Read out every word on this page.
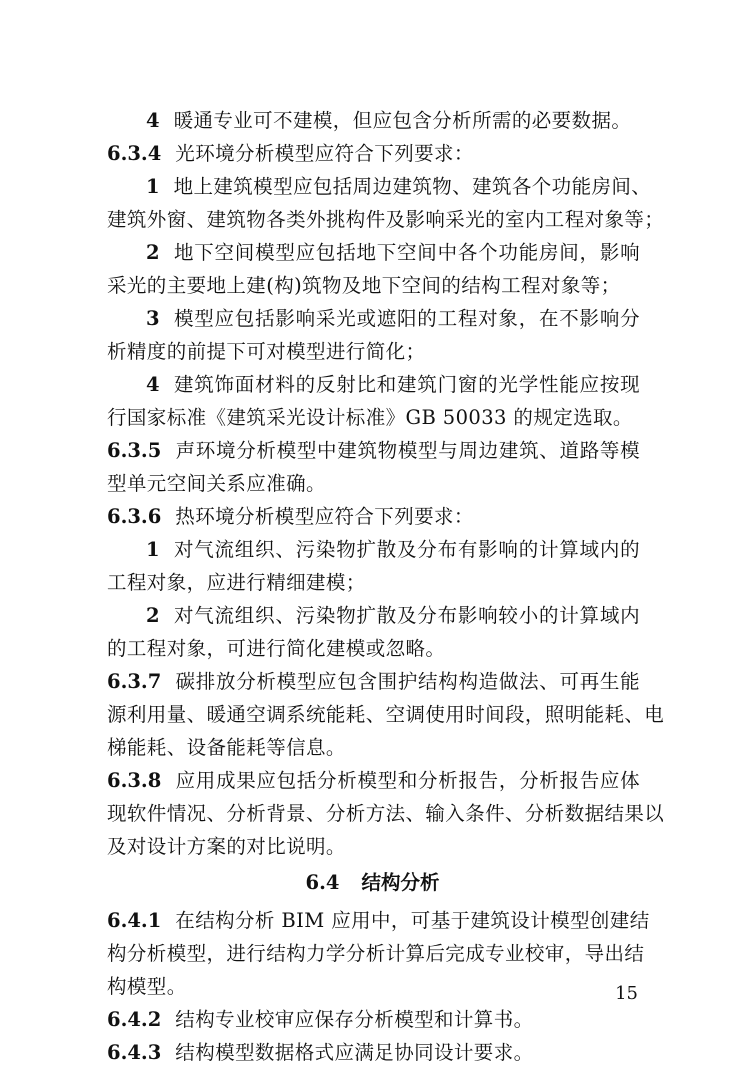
4 暖通专业可不建模，但应包含分析所需的必要数据。
6.3.4 光环境分析模型应符合下列要求：
1 地上建筑模型应包括周边建筑物、建筑各个功能房间、
建筑外窗、建筑物各类外挑构件及影响采光的室内工程对象等；
2 地下空间模型应包括地下空间中各个功能房间，影响
采光的主要地上建(构)筑物及地下空间的结构工程对象等；
3 模型应包括影响采光或遮阳的工程对象，在不影响分
析精度的前提下可对模型进行简化；
4 建筑饰面材料的反射比和建筑门窗的光学性能应按现
行国家标准《建筑采光设计标准》GB 50033 的规定选取。
6.3.5 声环境分析模型中建筑物模型与周边建筑、道路等模
型单元空间关系应准确。
6.3.6 热环境分析模型应符合下列要求：
1 对气流组织、污染物扩散及分布有影响的计算域内的
工程对象，应进行精细建模；
2 对气流组织、污染物扩散及分布影响较小的计算域内
的工程对象，可进行简化建模或忽略。
6.3.7 碳排放分析模型应包含围护结构构造做法、可再生能
源利用量、暖通空调系统能耗、空调使用时间段，照明能耗、电
梯能耗、设备能耗等信息。
6.3.8 应用成果应包括分析模型和分析报告，分析报告应体
现软件情况、分析背景、分析方法、输入条件、分析数据结果以
及对设计方案的对比说明。
6.4 结构分析
6.4.1 在结构分析 BIM 应用中，可基于建筑设计模型创建结
构分析模型，进行结构力学分析计算后完成专业校审，导出结
构模型。
6.4.2 结构专业校审应保存分析模型和计算书。
6.4.3 结构模型数据格式应满足协同设计要求。
15
